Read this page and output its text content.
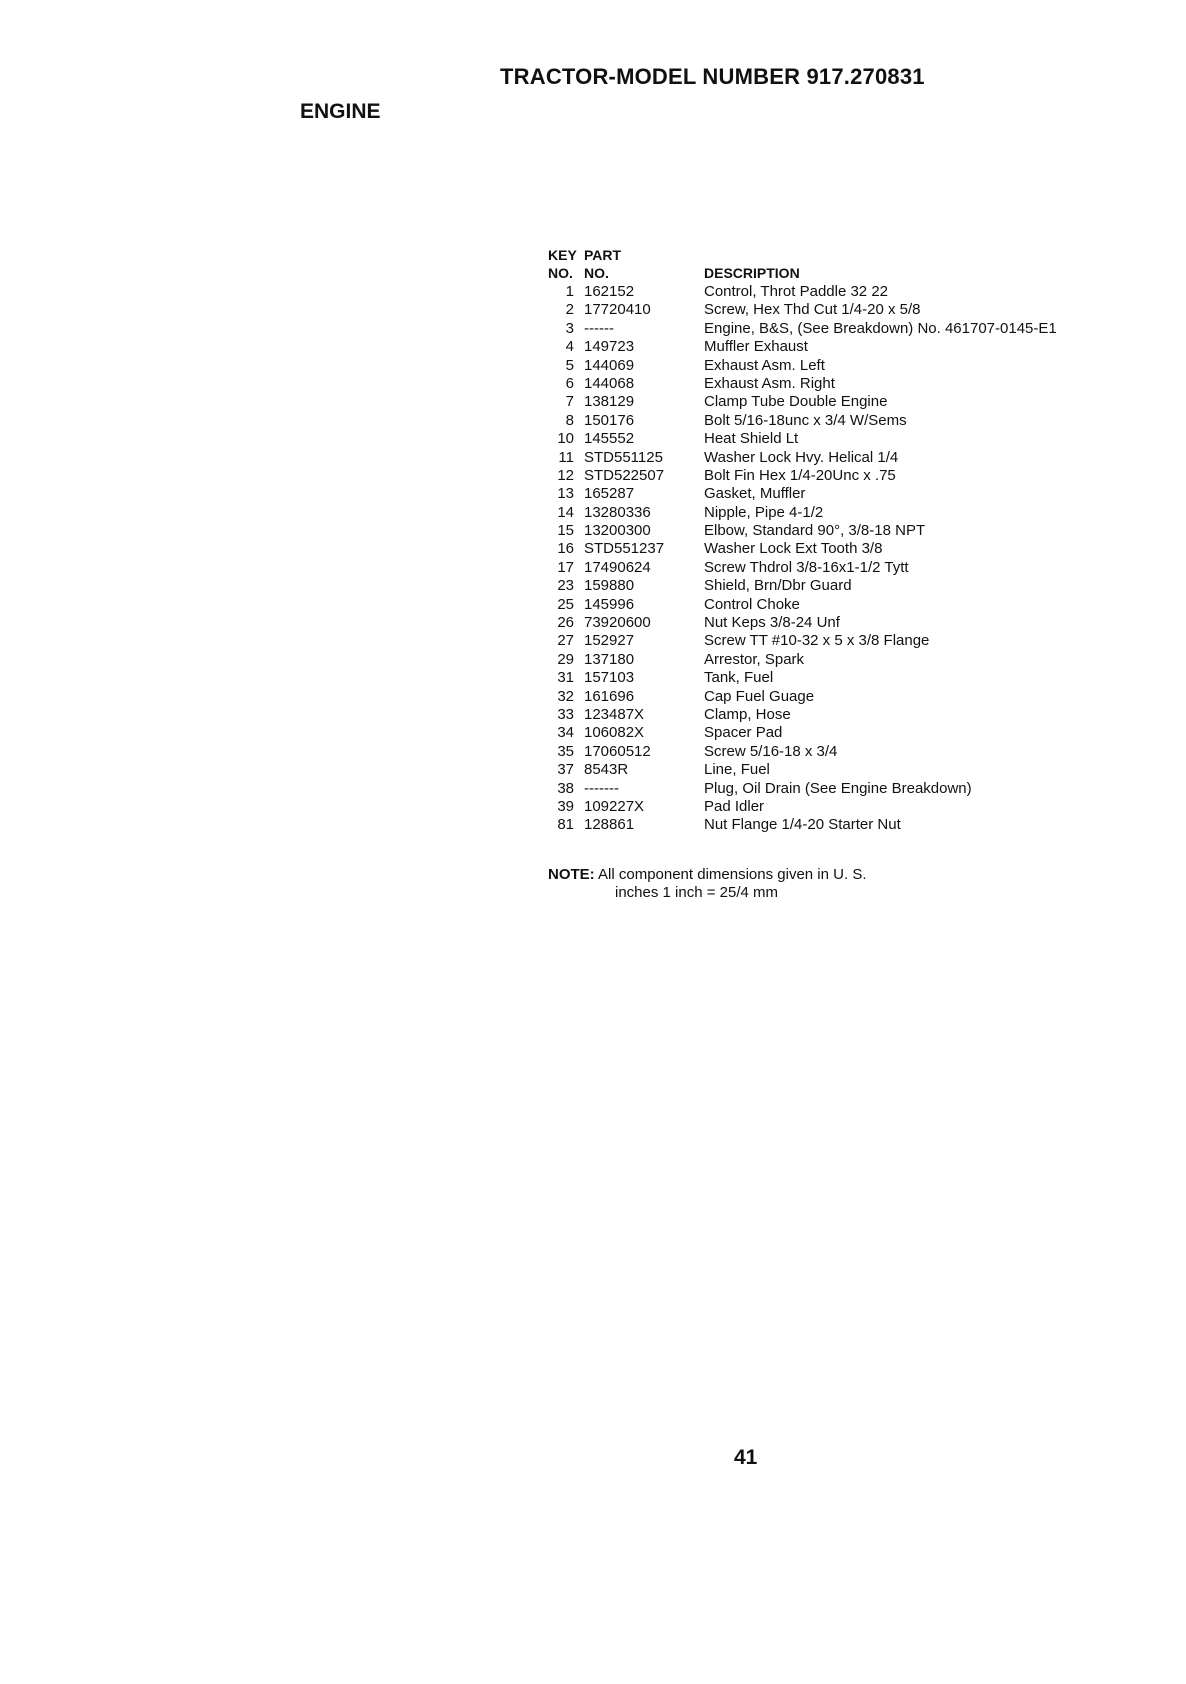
TRACTOR-MODEL NUMBER 917.270831
ENGINE
KEY PART
NO. NO.	DESCRIPTION
1 162152	Control, Throt Paddle 32 22
2 17720410	Screw, Hex Thd Cut 1/4-20 x 5/8
3 ------	Engine, B&S, (See Breakdown) No. 461707-0145-E1
4 149723	Muffler Exhaust
5 144069	Exhaust Asm. Left
6 144068	Exhaust Asm. Right
7 138129	Clamp Tube Double Engine
8 150176	Bolt 5/16-18unc x 3/4 W/Sems
10 145552	Heat Shield Lt
11 STD551125	Washer Lock Hvy. Helical 1/4
12 STD522507	Bolt Fin Hex 1/4-20Unc x .75
13 165287	Gasket, Muffler
14 13280336	Nipple, Pipe 4-1/2
15 13200300	Elbow, Standard 90°, 3/8-18 NPT
16 STD551237	Washer Lock Ext Tooth 3/8
17 17490624	Screw Thdrol 3/8-16x1-1/2 Tytt
23 159880	Shield, Brn/Dbr Guard
25 145996	Control Choke
26 73920600	Nut Keps 3/8-24 Unf
27 152927	Screw TT #10-32 x 5 x 3/8 Flange
29 137180	Arrestor, Spark
31 157103	Tank, Fuel
32 161696	Cap Fuel Guage
33 123487X	Clamp, Hose
34 106082X	Spacer Pad
35 17060512	Screw 5/16-18 x 3/4
37 8543R	Line, Fuel
38 -------	Plug, Oil Drain (See Engine Breakdown)
39 109227X	Pad Idler
81 128861	Nut Flange 1/4-20 Starter Nut
NOTE: All component dimensions given in U. S.
inches 1 inch = 25/4 mm
41
